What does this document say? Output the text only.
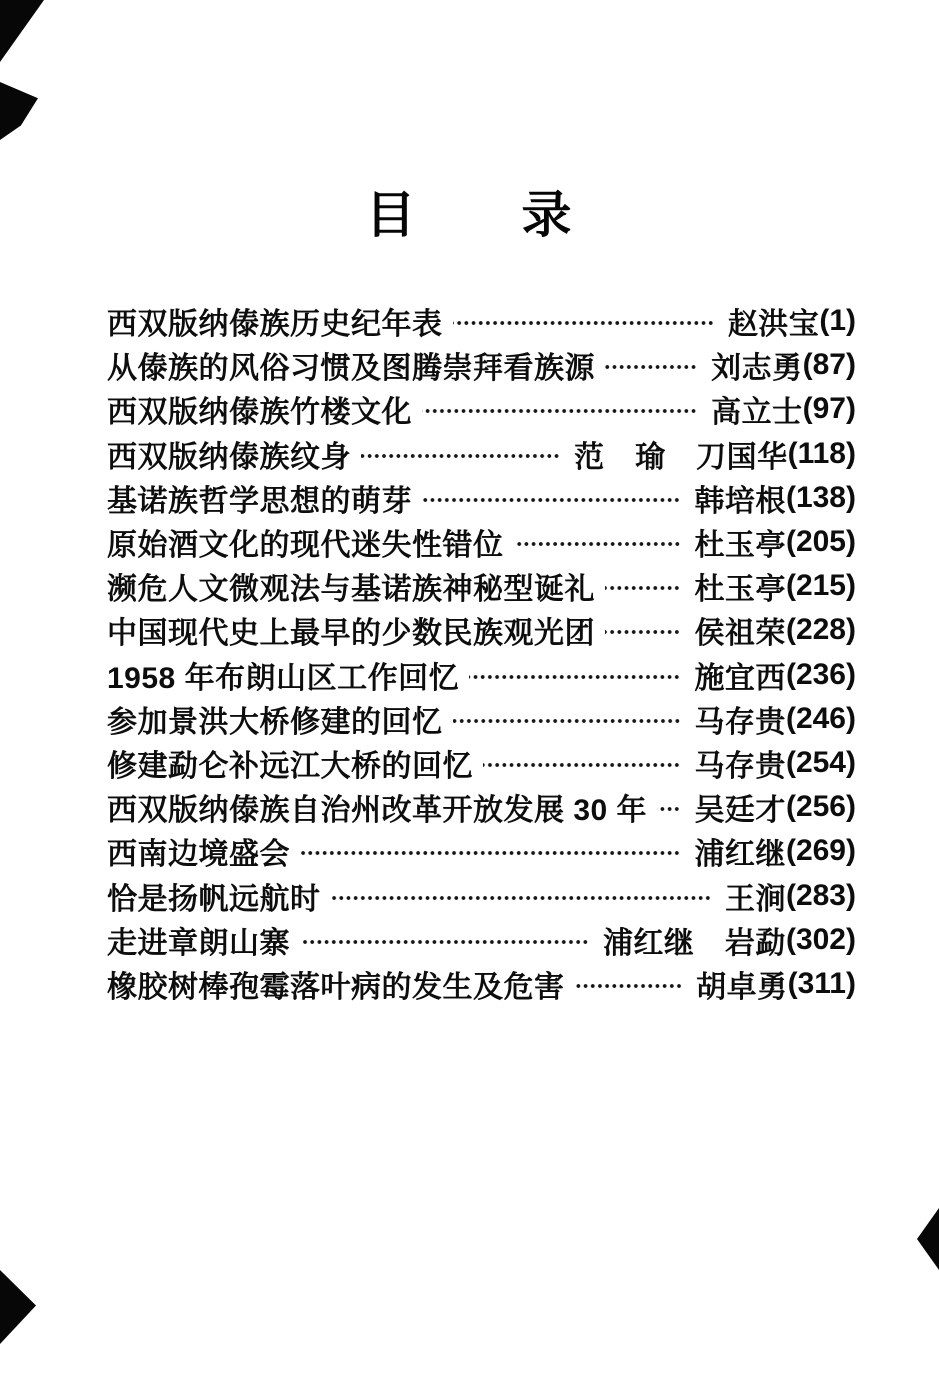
目　　录
西双版纳傣族历史纪年表	赵洪宝 ( 1 )
从傣族的风俗习惯及图腾崇拜看族源	刘志勇 ( 87 )
西双版纳傣族竹楼文化	高立士 ( 97 )
西双版纳傣族纹身	范　瑜　刀国华 ( 118 )
基诺族哲学思想的萌芽	韩培根 ( 138 )
原始酒文化的现代迷失性错位	杜玉亭 ( 205 )
濒危人文微观法与基诺族神秘型诞礼	杜玉亭 ( 215 )
中国现代史上最早的少数民族观光团	侯祖荣 ( 228 )
1958 年布朗山区工作回忆	施宜西 ( 236 )
参加景洪大桥修建的回忆	马存贵 ( 246 )
修建勐仑补远江大桥的回忆	马存贵 ( 254 )
西双版纳傣族自治州改革开放发展 30 年 吴廷才 ( 256 )
西南边境盛会	浦红继 ( 269 )
恰是扬帆远航时	王涧 ( 283 )
走进章朗山寨	浦红继　岩勐 ( 302 )
橡胶树棒孢霉落叶病的发生及危害	胡卓勇 ( 311 )
